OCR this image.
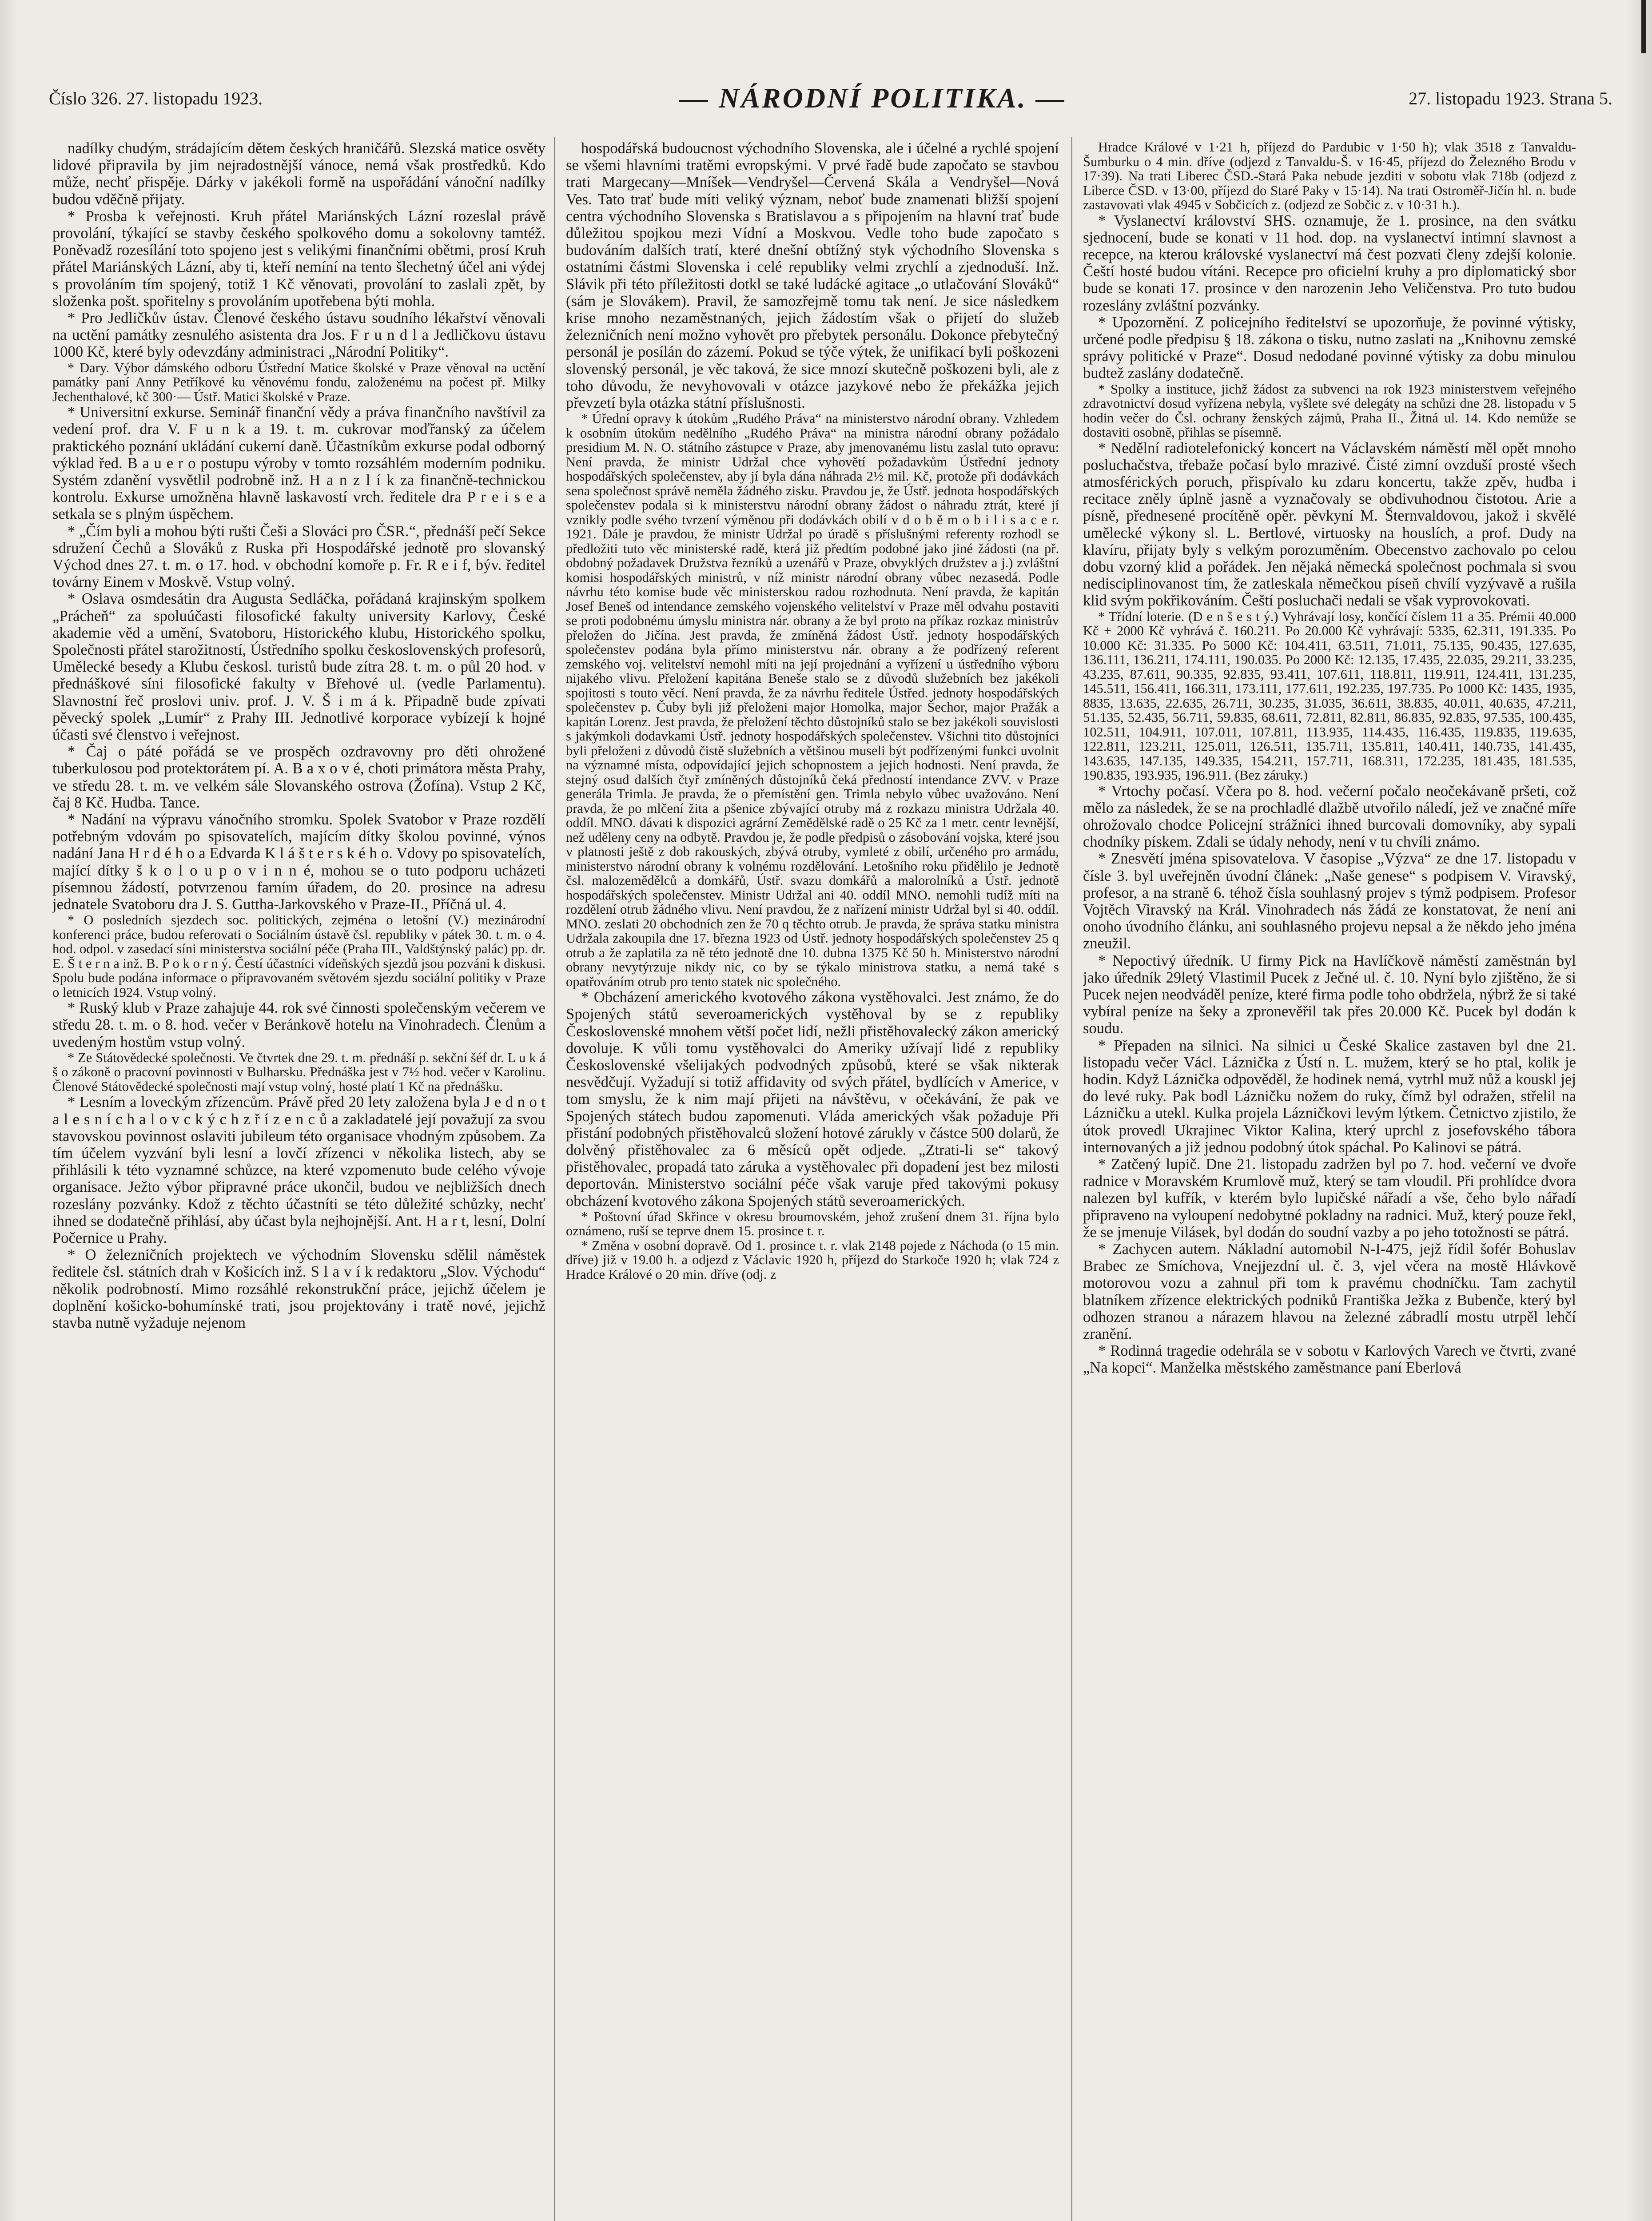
Číslo 326. 27. listopadu 1923.	— NÁRODNÍ POLITIKA. —	27. listopadu 1923. Strana 5.

nadílky chudým, strádajícím dětem českých hraničářů. Slezská matice osvěty lidové připravila by jim nejradostnější vánoce, nemá však prostředků. Kdo může, nechť přispěje. Dárky v jakékoli formě na uspořádání vánoční nadílky budou vděčně přijaty.

* Prosba k veřejnosti. Kruh přátel Mariánských Lázní rozeslal právě provolání, týkající se stavby českého spolkového domu a sokolovny tamtéž. Poněvadž rozesílání toto spojeno jest s velikými finančními obětmi, prosí Kruh přátel Mariánských Lázní, aby ti, kteří nemíní na tento šlechetný účel ani výdej s provoláním tím spojený, totiž 1 Kč věnovati, provolání to zaslali zpět, by složenka pošt. spořitelny s provoláním upotřebena býti mohla.

* Pro Jedličkův ústav. Členové českého ústavu soudního lékařství věnovali na uctění památky zesnulého asistenta dra Jos. F r u n d l a Jedličkovu ústavu 1000 Kč, které byly odevzdány administraci „Národní Politiky“.

* Dary. Výbor dámského odboru Ústřední Matice školské v Praze věnoval na uctění památky paní Anny Petříkové ku věnovému fondu, založenému na počest př. Milky Jechenthalové, kč 300·— Ústř. Matici školské v Praze.

* Universitní exkurse. Seminář finanční vědy a práva finančního navštívil za vedení prof. dra V. F u n k a 19. t. m. cukrovar moďřanský za účelem praktického poznání ukládání cukerní daně. Účastníkům exkurse podal odborný výklad řed. B a u e r o postupu výroby v tomto rozsáhlém moderním podniku. Systém zdanění vysvětlil podrobně inž. H a n z l í k za finančně-technickou kontrolu. Exkurse umožněna hlavně laskavostí vrch. ředitele dra P r e i s e a setkala se s plným úspěchem.

* „Čím byli a mohou býti rušti Češi a Slováci pro ČSR.“, přednáší pečí Sekce sdružení Čechů a Slováků z Ruska při Hospodářské jednotě pro slovanský Východ dnes 27. t. m. o 17. hod. v obchodní komoře p. Fr. R e i f, býv. ředitel továrny Einem v Moskvě. Vstup volný.

* Oslava osmdesátin dra Augusta Sedláčka, pořádaná krajinským spolkem „Prácheň“ za spoluúčasti filosofické fakulty university Karlovy, České akademie věd a umění, Svatoboru, Historického klubu, Historického spolku, Společnosti přátel starožitností, Ústředního spolku československých profesorů, Umělecké besedy a Klubu českosl. turistů bude zítra 28. t. m. o půl 20 hod. v přednáškové síni filosofické fakulty v Břehové ul. (vedle Parlamentu). Slavnostní řeč proslovi univ. prof. J. V. Š i m á k. Připadně bude zpívati pěvecký spolek „Lumír“ z Prahy III. Jednotlivé korporace vybízejí k hojné účasti své členstvo i veřejnost.

* Čaj o páté pořádá se ve prospěch ozdravovny pro děti ohrožené tuberkulosou pod protektorátem pí. A. B a x o v é, choti primátora města Prahy, ve středu 28. t. m. ve velkém sále Slovanského ostrova (Žofína). Vstup 2 Kč, čaj 8 Kč. Hudba. Tance.

* Nadání na výpravu vánočního stromku. Spolek Svatobor v Praze rozdělí potřebným vdovám po spisovatelích, majícím dítky školou povinné, výnos nadání Jana H r d é h o a Edvarda K l á š t e r s k é h o. Vdovy po spisovatelích, mající dítky š k o l o u p o v i n n é, mohou se o tuto podporu ucházeti písemnou žádostí, potvrzenou farním úřadem, do 20. prosince na adresu jednatele Svatoboru dra J. S. Guttha-Jarkovského v Praze-II., Příčná ul. 4.

* O posledních sjezdech soc. politických, zejména o letošní (V.) mezinárodní konferenci práce, budou referovati o Sociálním ústavě čsl. republiky v pátek 30. t. m. o 4. hod. odpol. v zasedací síni ministerstva sociální péče (Praha III., Valdštýnský palác) pp. dr. E. Š t e r n a inž. B. P o k o r n ý. Čestí účastníci vídeňských sjezdů jsou pozváni k diskusi. Spolu bude podána informace o připravovaném světovém sjezdu sociální politiky v Praze o letnicích 1924. Vstup volný.

* Ruský klub v Praze zahajuje 44. rok své činnosti společenským večerem ve středu 28. t. m. o 8. hod. večer v Beránkově hotelu na Vinohradech. Členům a uvedeným hostům vstup volný.

* Ze Státovědecké společnosti. Ve čtvrtek dne 29. t. m. přednáší p. sekční šéf dr. L u k á š o zákoně o pracovní povinnosti v Bulharsku. Přednáška jest v 7½ hod. večer v Karolinu. Členové Státovědecké společnosti mají vstup volný, hosté platí 1 Kč na přednášku.

* Lesním a loveckým zřízencům. Právě před 20 lety založena byla J e d n o t a l e s n í c h a l o v c k ý c h z ř í z e n c ů a zakladatelé její považují za svou stavovskou povinnost oslaviti jubileum této organisace vhodným způsobem. Za tím účelem vyzvání byli lesní a lovčí zřízenci v několika listech, aby se přihlásili k této vyznamné schůzce, na které vzpomenuto bude celého vývoje organisace. Ježto výbor připravné práce ukončil, budou ve nejbližších dnech rozeslány pozvánky. Kdož z těchto účastníti se této důležité schůzky, nechť ihned se dodatečně přihlásí, aby účast byla nejhojnější. Ant. H a r t, lesní, Dolní Počernice u Prahy.

* O železničních projektech ve východním Slovensku sdělil náměstek ředitele čsl. státních drah v Košicích inž. S l a v í k redaktoru „Slov. Východu“ několik podrobností. Mimo rozsáhlé rekonstrukční práce, jejichž účelem je doplnění košicko-bohumínské trati, jsou projektovány i tratě nové, jejichž stavba nutně vyžaduje nejenom

hospodářská budoucnost východního Slovenska, ale i účelné a rychlé spojení se všemi hlavními tratěmi evropskými. V prvé řadě bude započato se stavbou trati Margecany—Mníšek—Vendryšel—Červená Skála a Vendryšel—Nová Ves. Tato trať bude míti veliký význam, neboť bude znamenati bližší spojení centra východního Slovenska s Bratislavou a s připojením na hlavní trať bude důležitou spojkou mezi Vídní a Moskvou. Vedle toho bude započato s budováním dalších tratí, které dnešní obtížný styk východního Slovenska s ostatními částmi Slovenska i celé republiky velmi zrychlí a zjednoduší. Inž. Slávik při této příležitosti dotkl se také ludácké agitace „o utlačování Slováků“ (sám je Slovákem). Pravil, že samozřejmě tomu tak není. Je sice následkem krise mnoho nezaměstnaných, jejich žádostím však o přijetí do služeb železničních není možno vyhovět pro přebytek personálu. Dokonce přebytečný personál je posílán do zázemí. Pokud se týče výtek, že unifikací byli poškozeni slovenský personál, je věc taková, že sice mnozí skutečně poškozeni byli, ale z toho důvodu, že nevyhovovali v otázce jazykové nebo že překážka jejich převzetí byla otázka státní příslušnosti.

* Úřední opravy k útokům „Rudého Práva“ na ministerstvo národní obrany. Vzhledem k osobním útokům nedělního „Rudého Práva“ na ministra národní obrany požádalo presidium M. N. O. státního zástupce v Praze, aby jmenovanému listu zaslal tuto opravu: Není pravda, že ministr Udržal chce vyhovětí požadavkům Ústřední jednoty hospodářských společenstev, aby jí byla dána náhrada 2½ mil. Kč, protože při dodávkách sena společnost správě neměla žádného zisku. Pravdou je, že Ústř. jednota hospodářských společenstev podala si k ministerstvu národní obrany žádost o náhradu ztrát, které jí vznikly podle svého tvrzení výměnou při dodávkách obilí v d o b ě m o b i l i s a c e r. 1921. Dále je pravdou, že ministr Udržal po úradě s příslušnými referenty rozhodl se předložiti tuto věc ministerské radě, která již předtím podobné jako jiné žádosti (na př. obdobný požadavek Družstva řezníků a uzenářů v Praze, obvyklých družstev a j.) zvláštní komisi hospodářských ministrů, v níž ministr národní obrany vůbec nezasedá. Podle návrhu této komise bude věc ministerskou radou rozhodnuta. Není pravda, že kapitán Josef Beneš od intendance zemského vojenského velitelství v Praze měl odvahu postaviti se proti podobnému úmyslu ministra nár. obrany a že byl proto na příkaz rozkaz ministrův přeložen do Jičína. Jest pravda, že zmíněná žádost Ústř. jednoty hospodářských společenstev podána byla přímo ministerstvu nár. obrany a že podřízený referent zemského voj. velitelství nemohl míti na její projednání a vyřízení u ústředního výboru nijakého vlivu. Přeložení kapitána Beneše stalo se z důvodů služebních bez jakékoli spojitosti s touto věcí. Není pravda, že za návrhu ředitele Ústřed. jednoty hospodářských společenstev p. Čuby byli již přeloženi major Homolka, major Šechor, major Pražák a kapitán Lorenz. Jest pravda, že přeložení těchto důstojníků stalo se bez jakékoli souvislosti s jakýmkoli dodavkami Ústř. jednoty hospodářských společenstev. Všichni tito důstojníci byli přeloženi z důvodů čistě služebních a většinou museli být podřízenými funkci uvolnit na významné místa, odpovídající jejich schopnostem a jejich hodnosti. Není pravda, že stejný osud dalších čtyř zmíněných důstojníků čeká předností intendance ZVV. v Praze generála Trimla. Je pravda, že o přemístění gen. Trimla nebylo vůbec uvažováno. Není pravda, že po mlčení žita a pšenice zbývající otruby má z rozkazu ministra Udržala 40. oddíl. MNO. dávati k dispozici agrární Zemědělské radě o 25 Kč za 1 metr. centr levnější, než uděleny ceny na odbytě. Pravdou je, že podle předpisů o zásobování vojska, které jsou v platnosti ještě z dob rakouských, zbývá otruby, vymleté z obilí, určeného pro armádu, ministerstvo národní obrany k volnému rozdělování. Letošního roku přidělilo je Jednotě čsl. malozemědělců a domkářů, Ústř. svazu domkářů a malorolníků a Ústř. jednotě hospodářských společenstev. Ministr Udržal ani 40. oddíl MNO. nemohli tudíž míti na rozdělení otrub žádného vlivu. Není pravdou, že z nařízení ministr Udržal byl si 40. oddíl. MNO. zeslati 20 obchodních zen že 70 q těchto otrub. Je pravda, že správa statku ministra Udržala zakoupila dne 17. března 1923 od Ústř. jednoty hospodářských společenstev 25 q otrub a že zaplatila za ně této jednotě dne 10. dubna 1375 Kč 50 h. Ministerstvo národní obrany nevytýrzuje nikdy nic, co by se týkalo ministrova statku, a nemá také s opatřováním otrub pro tento statek nic společného.

* Obcházení amerického kvotového zákona vystěhovalci. Jest známo, že do Spojených států severoamerických vystěhoval by se z republiky Československé mnohem větší počet lidí, nežli přistěhovalecký zákon americký dovoluje. K vůli tomu vystěhovalci do Ameriky užívají lidé z republiky Československé všelijakých podvodných způsobů, které se však nikterak nesvědčují. Vyžadují si totiž affidavity od svých přátel, bydlících v Americe, v tom smyslu, že k nim mají přijeti na návštěvu, v očekávání, že pak ve Spojených státech budou zapomenuti. Vláda amerických však požaduje Při přistání podobných přistěhovalců složení hotové zárukly v částce 500 dolarů, že dolvěný přistěhovalec za 6 měsíců opět odjede. „Ztrati-li se“ takový přistěhovalec, propadá tato záruka a vystěhovalec při dopadení jest bez milosti deportován. Ministerstvo sociální péče však varuje před takovými pokusy obcházení kvotového zákona Spojených států severoamerických.

* Poštovní úřad Skřince v okresu broumovském, jehož zrušení dnem 31. října bylo oznámeno, ruší se teprve dnem 15. prosince t. r.

* Změna v osobní dopravě. Od 1. prosince t. r. vlak 2148 pojede z Náchoda (o 15 min. dříve) již v 19.00 h. a odjezd z Václavic 1920 h, příjezd do Starkoče 1920 h; vlak 724 z Hradce Králové o 20 min. dříve (odj. z

Hradce Králové v 1·21 h, příjezd do Pardubic v 1·50 h); vlak 3518 z Tanvaldu-Šumburku o 4 min. dříve (odjezd z Tanvaldu-Š. v 16·45, příjezd do Železného Brodu v 17·39). Na trati Liberec ČSD.-Stará Paka nebude jezditi v sobotu vlak 718b (odjezd z Liberce ČSD. v 13·00, příjezd do Staré Paky v 15·14). Na trati Ostroměř-Jičín hl. n. bude zastavovati vlak 4945 v Sobčicích z. (odjezd ze Sobčic z. v 10·31 h.).

* Vyslanectví království SHS. oznamuje, že 1. prosince, na den svátku sjednocení, bude se konati v 11 hod. dop. na vyslanectví intimní slavnost a recepce, na kterou královské vyslanectví má čest pozvati členy zdejší kolonie. Čeští hosté budou vítáni. Recepce pro oficielní kruhy a pro diplomatický sbor bude se konati 17. prosince v den narozenin Jeho Veličenstva. Pro tuto budou rozeslány zvláštní pozvánky.

* Upozornění. Z policejního ředitelství se upozorňuje, že povinné výtisky, určené podle předpisu § 18. zákona o tisku, nutno zaslati na „Knihovnu zemské správy politické v Praze“. Dosud nedodané povinné výtisky za dobu minulou budtež zaslány dodatečně.

* Spolky a instituce, jichž žádost za subvenci na rok 1923 ministerstvem veřejného zdravotnictví dosud vyřízena nebyla, vyšlete své delegáty na schůzi dne 28. listopadu v 5 hodin večer do Čsl. ochrany ženských zájmů, Praha II., Žitná ul. 14. Kdo nemůže se dostaviti osobně, přihlas se písemně.

* Nedělní radiotelefonický koncert na Václavském náměstí měl opět mnoho posluchačstva, třebaže počasí bylo mrazivé. Čisté zimní ovzduší prosté všech atmosférických poruch, přispívalo ku zdaru koncertu, takže zpěv, hudba i recitace zněly úplně jasně a vyznačovaly se obdivuhodnou čistotou. Arie a písně, přednesené procítěně opěr. pěvkyní M. Šternvaldovou, jakož i skvělé umělecké výkony sl. L. Bertlové, virtuosky na houslích, a prof. Dudy na klavíru, přijaty byly s velkým porozuměním. Obecenstvo zachovalo po celou dobu vzorný klid a pořádek. Jen nějaká německá společnost pochmala si svou nedisciplinovanost tím, že zatleskala němečkou píseň chvílí vyzývavě a rušila klid svým pokřikováním. Čeští posluchači nedali se však vyprovokovati.

* Třídní loterie. (D e n š e s t ý.) Vyhrávají losy, končící číslem 11 a 35. Prémii 40.000 Kč + 2000 Kč vyhrává č. 160.211. Po 20.000 Kč vyhrávají: 5335, 62.311, 191.335. Po 10.000 Kč: 31.335. Po 5000 Kč: 104.411, 63.511, 71.011, 75.135, 90.435, 127.635, 136.111, 136.211, 174.111, 190.035. Po 2000 Kč: 12.135, 17.435, 22.035, 29.211, 33.235, 43.235, 87.611, 90.335, 92.835, 93.411, 107.611, 118.811, 119.911, 124.411, 131.235, 145.511, 156.411, 166.311, 173.111, 177.611, 192.235, 197.735. Po 1000 Kč: 1435, 1935, 8835, 13.635, 22.635, 26.711, 30.235, 31.035, 36.611, 38.835, 40.011, 40.635, 47.211, 51.135, 52.435, 56.711, 59.835, 68.611, 72.811, 82.811, 86.835, 92.835, 97.535, 100.435, 102.511, 104.911, 107.011, 107.811, 113.935, 114.435, 116.435, 119.835, 119.635, 122.811, 123.211, 125.011, 126.511, 135.711, 135.811, 140.411, 140.735, 141.435, 143.635, 147.135, 149.335, 154.211, 157.711, 168.311, 172.235, 181.435, 181.535, 190.835, 193.935, 196.911. (Bez záruky.)

* Vrtochy počasí. Včera po 8. hod. večerní počalo neočekávaně pršeti, což mělo za následek, že se na prochladlé dlažbě utvořilo náledí, jež ve značné míře ohrožovalo chodce Policejní strážníci ihned burcovali domovníky, aby sypali chodníky pískem. Zdali se údaly nehody, není v tu chvíli známo.

* Znesvětí jména spisovatelova. V časopise „Výzva“ ze dne 17. listopadu v čísle 3. byl uveřejněn úvodní článek: „Naše genese“ s podpisem V. Viravský, profesor, a na straně 6. téhož čísla souhlasný projev s týmž podpisem. Profesor Vojtěch Viravský na Král. Vinohradech nás žádá ze konstatovat, že není ani onoho úvodního článku, ani souhlasného projevu nepsal a že někdo jeho jména zneužil.

* Nepoctivý úředník. U firmy Pick na Havlíčkově náměstí zaměstnán byl jako úředník 29letý Vlastimil Pucek z Ječné ul. č. 10. Nyní bylo zjištěno, že si Pucek nejen neodváděl peníze, které firma podle toho obdržela, nýbrž že si také vybíral peníze na šeky a zpronevěřil tak přes 20.000 Kč. Pucek byl dodán k soudu.

* Přepaden na silnici. Na silnici u České Skalice zastaven byl dne 21. listopadu večer Václ. Láznička z Ústí n. L. mužem, který se ho ptal, kolik je hodin. Když Láznička odpověděl, že hodinek nemá, vytrhl muž nůž a kouskl jej do levé ruky. Pak bodl Lázničku nožem do ruky, čímž byl odražen, střelil na Lázničku a utekl. Kulka projela Lázničkovi levým lýtkem. Četnictvo zjistilo, že útok provedl Ukrajinec Viktor Kalina, který uprchl z josefovského tábora internovaných a již jednou podobný útok spáchal. Po Kalinovi se pátrá.

* Zatčený lupič. Dne 21. listopadu zadržen byl po 7. hod. večerní ve dvoře radnice v Moravském Krumlově muž, který se tam vloudil. Při prohlídce dvora nalezen byl kufřík, v kterém bylo lupičské nářadí a vše, čeho bylo nářadí připraveno na vyloupení nedobytné pokladny na radnici. Muž, který pouze řekl, že se jmenuje Vilásek, byl dodán do soudní vazby a po jeho totožnosti se pátrá.

* Zachycen autem. Nákladní automobil N-I-475, jejž řídil šofér Bohuslav Brabec ze Smíchova, Vnejjezdní ul. č. 3, vjel včera na mostě Hlávkově motorovou vozu a zahnul při tom k pravému chodníčku. Tam zachytil blatníkem zřízence elektrických podniků Františka Ježka z Bubenče, který byl odhozen stranou a nárazem hlavou na železné zábradlí mostu utrpěl lehčí zranění.

* Rodinná tragedie odehrála se v sobotu v Karlových Varech ve čtvrti, zvané „Na kopci“. Manželka městského zaměstnance paní Eberlová
